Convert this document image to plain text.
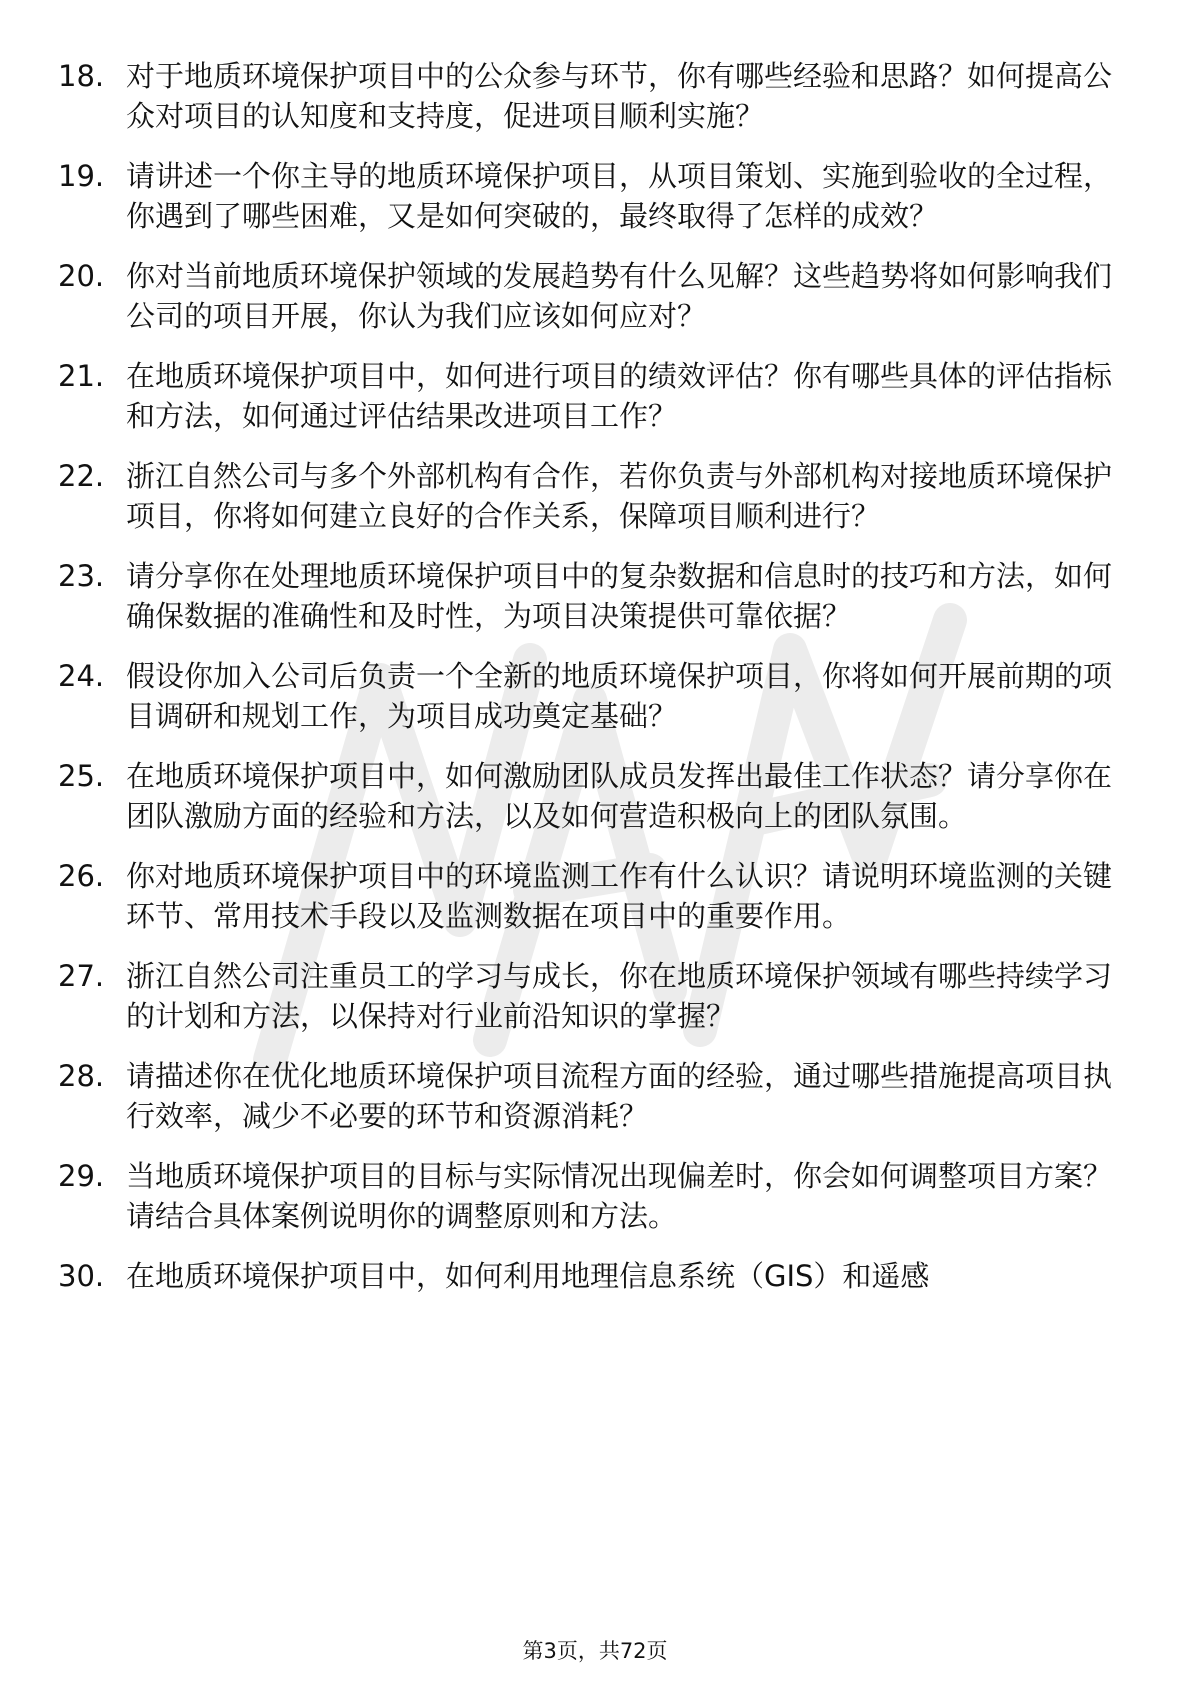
18. 对于地质环境保护项目中的公众参与环节，你有哪些经验和思路？如何提高公众对项目的认知度和支持度，促进项目顺利实施？
19. 请讲述一个你主导的地质环境保护项目，从项目策划、实施到验收的全过程，你遇到了哪些困难，又是如何突破的，最终取得了怎样的成效？
20. 你对当前地质环境保护领域的发展趋势有什么见解？这些趋势将如何影响我们公司的项目开展，你认为我们应该如何应对？
21. 在地质环境保护项目中，如何进行项目的绩效评估？你有哪些具体的评估指标和方法，如何通过评估结果改进项目工作？
22. 浙江自然公司与多个外部机构有合作，若你负责与外部机构对接地质环境保护项目，你将如何建立良好的合作关系，保障项目顺利进行？
23. 请分享你在处理地质环境保护项目中的复杂数据和信息时的技巧和方法，如何确保数据的准确性和及时性，为项目决策提供可靠依据？
24. 假设你加入公司后负责一个全新的地质环境保护项目，你将如何开展前期的项目调研和规划工作，为项目成功奠定基础？
25. 在地质环境保护项目中，如何激励团队成员发挥出最佳工作状态？请分享你在团队激励方面的经验和方法，以及如何营造积极向上的团队氛围。
26. 你对地质环境保护项目中的环境监测工作有什么认识？请说明环境监测的关键环节、常用技术手段以及监测数据在项目中的重要作用。
27. 浙江自然公司注重员工的学习与成长，你在地质环境保护领域有哪些持续学习的计划和方法，以保持对行业前沿知识的掌握？
28. 请描述你在优化地质环境保护项目流程方面的经验，通过哪些措施提高项目执行效率，减少不必要的环节和资源消耗？
29. 当地质环境保护项目的目标与实际情况出现偏差时，你会如何调整项目方案？请结合具体案例说明你的调整原则和方法。
30. 在地质环境保护项目中，如何利用地理信息系统（GIS）和遥感
第3页，共72页
